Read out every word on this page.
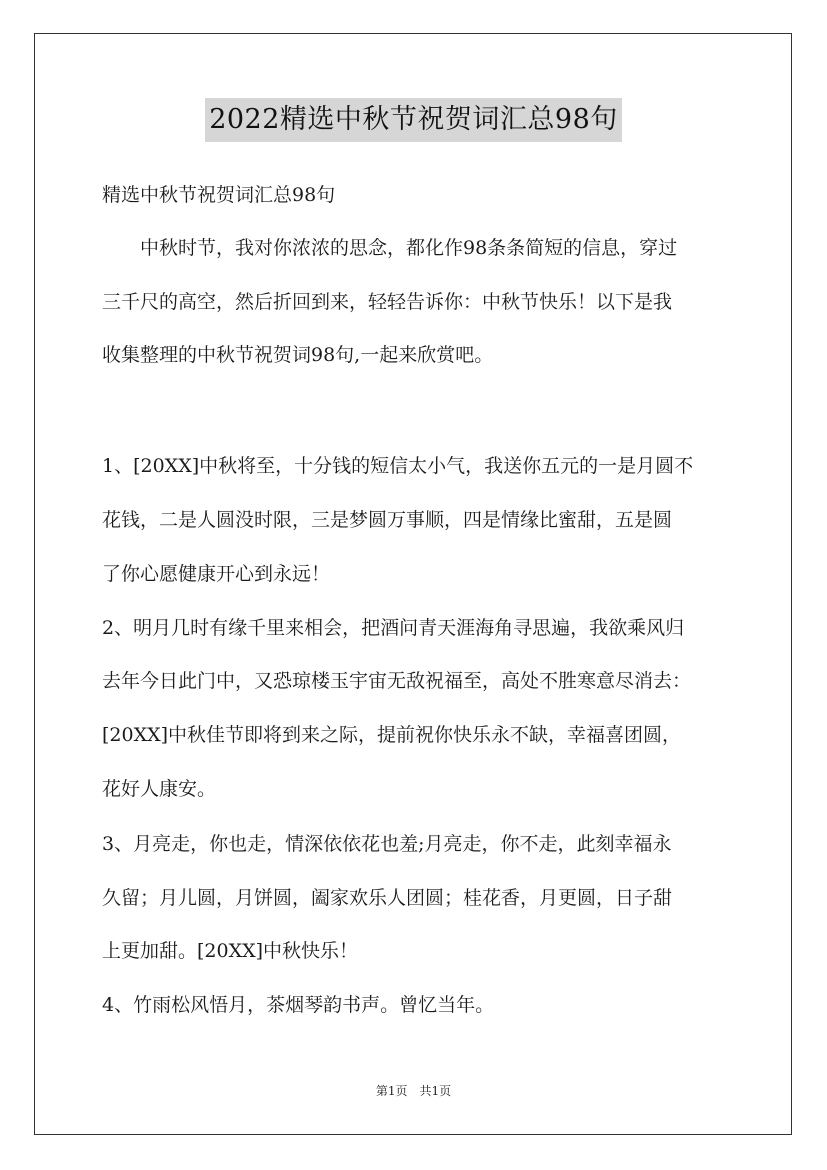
2022精选中秋节祝贺词汇总98句
精选中秋节祝贺词汇总98句
　　中秋时节，我对你浓浓的思念，都化作98条条简短的信息，穿过
三千尺的高空，然后折回到来，轻轻告诉你：中秋节快乐！以下是我
收集整理的中秋节祝贺词98句,一起来欣赏吧。
1、[20XX]中秋将至，十分钱的短信太小气，我送你五元的一是月圆不
花钱，二是人圆没时限，三是梦圆万事顺，四是情缘比蜜甜，五是圆
了你心愿健康开心到永远！
2、明月几时有缘千里来相会，把酒问青天涯海角寻思遍，我欲乘风归
去年今日此门中，又恐琼楼玉宇宙无敌祝福至，高处不胜寒意尽消去：
[20XX]中秋佳节即将到来之际，提前祝你快乐永不缺，幸福喜团圆，
花好人康安。
3、月亮走，你也走，情深依依花也羞;月亮走，你不走，此刻幸福永
久留；月儿圆，月饼圆，阖家欢乐人团圆；桂花香，月更圆，日子甜
上更加甜。[20XX]中秋快乐！
4、竹雨松风悟月，茶烟琴韵书声。曾忆当年。
第1页　共1页
